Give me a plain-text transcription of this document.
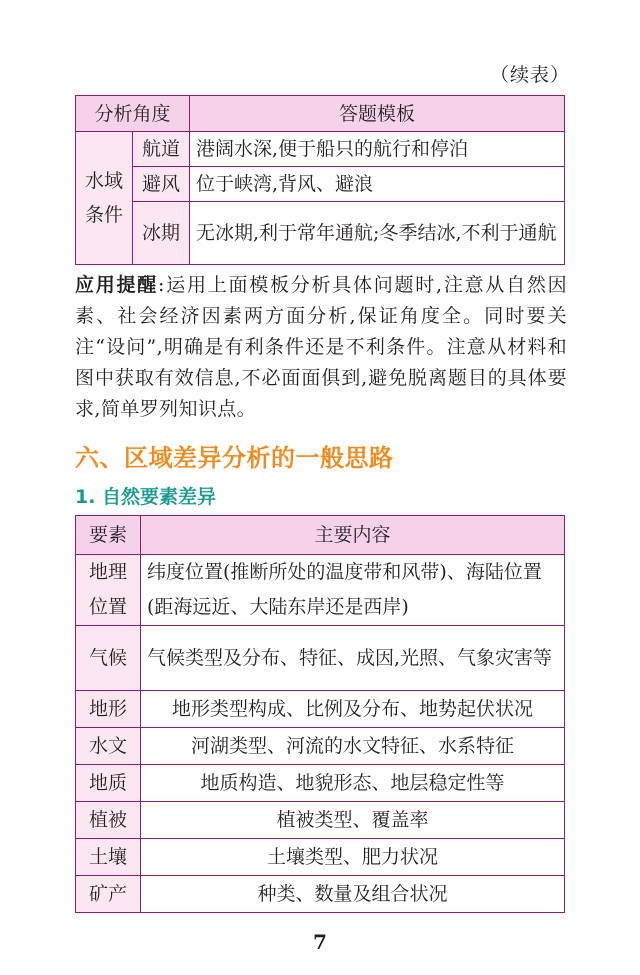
（续表）
分析角度		答题模板
水域条件	航道	港阔水深,便于船只的航行和停泊
	避风	位于峡湾,背风、避浪
	冰期	无冰期,利于常年通航;冬季结冰,不利于通航
应用提醒:运用上面模板分析具体问题时,注意从自然因素、社会经济因素两方面分析,保证角度全。同时要关注“设问”,明确是有利条件还是不利条件。注意从材料和图中获取有效信息,不必面面俱到,避免脱离题目的具体要求,简单罗列知识点。
六、区域差异分析的一般思路
1. 自然要素差异
要素	主要内容
地理位置	纬度位置(推断所处的温度带和风带)、海陆位置(距海远近、大陆东岸还是西岸)
气候	气候类型及分布、特征、成因,光照、气象灾害等
地形	地形类型构成、比例及分布、地势起伏状况
水文	河湖类型、河流的水文特征、水系特征
地质	地质构造、地貌形态、地层稳定性等
植被	植被类型、覆盖率
土壤	土壤类型、肥力状况
矿产	种类、数量及组合状况
7
